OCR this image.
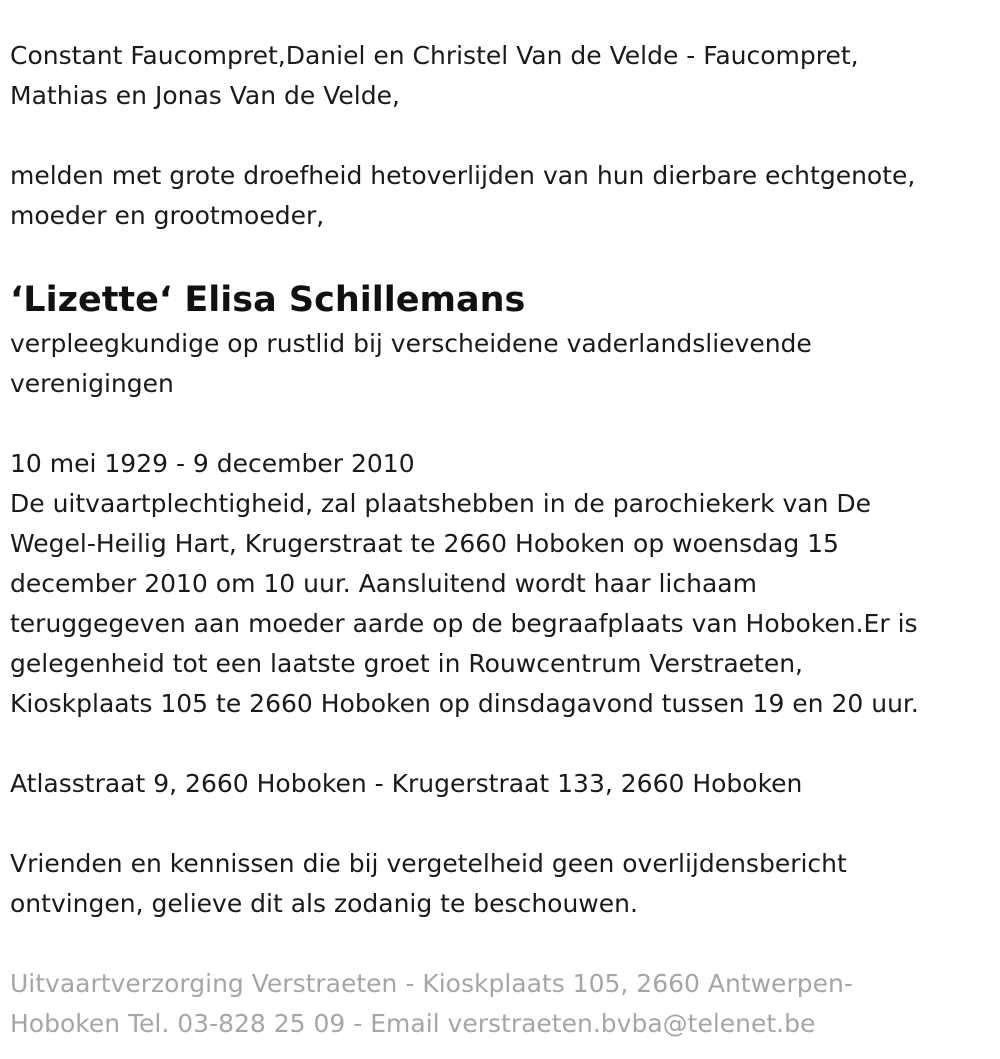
Constant Faucompret,Daniel en Christel Van de Velde - Faucompret,
Mathias en Jonas Van de Velde,

melden met grote droefheid hetoverlijden van hun dierbare echtgenote,
moeder en grootmoeder,

‘Lizette‘ Elisa Schillemans

verpleegkundige op rustlid bij verscheidene vaderlandslievende
verenigingen

10 mei 1929 - 9 december 2010

De uitvaartplechtigheid, zal plaatshebben in de parochiekerk van De
Wegel-Heilig Hart, Krugerstraat te 2660 Hoboken op woensdag 15
december 2010 om 10 uur. Aansluitend wordt haar lichaam
teruggegeven aan moeder aarde op de begraafplaats van Hoboken.Er is
gelegenheid tot een laatste groet in Rouwcentrum Verstraeten,
Kioskplaats 105 te 2660 Hoboken op dinsdagavond tussen 19 en 20 uur.

Atlasstraat 9, 2660 Hoboken - Krugerstraat 133, 2660 Hoboken

Vrienden en kennissen die bij vergetelheid geen overlijdensbericht
ontvingen, gelieve dit als zodanig te beschouwen.

Uitvaartverzorging Verstraeten - Kioskplaats 105, 2660 Antwerpen-
Hoboken Tel. 03-828 25 09 - Email verstraeten.bvba@telenet.be
